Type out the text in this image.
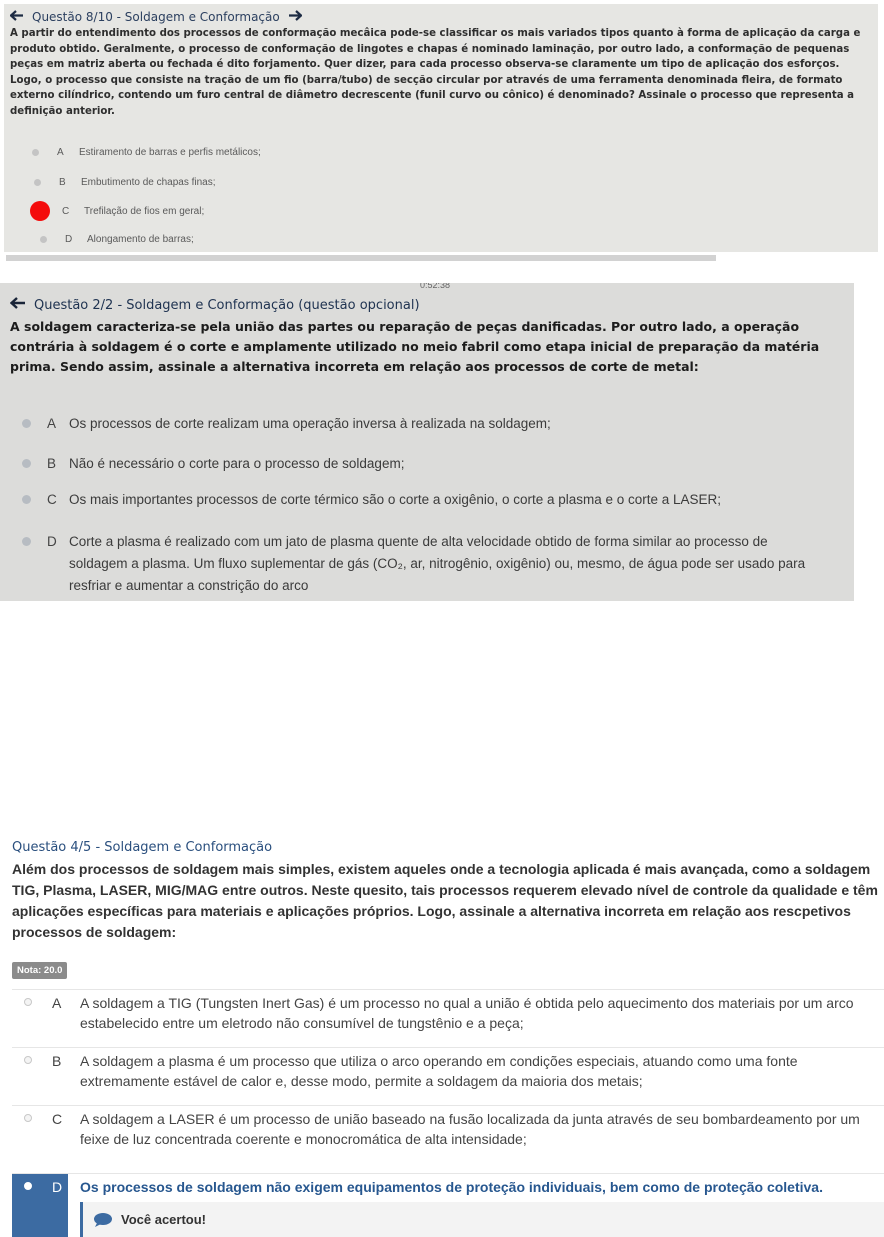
Questão 8/10 - Soldagem e Conformação
A partir do entendimento dos processos de conformação mecâica pode-se classificar os mais variados tipos quanto à forma de aplicação da carga e produto obtido. Geralmente, o processo de conformação de lingotes e chapas é nominado laminação, por outro lado, a conformação de pequenas peças em matriz aberta ou fechada é dito forjamento. Quer dizer, para cada processo observa-se claramente um tipo de aplicação dos esforços. Logo, o processo que consiste na tração de um fio (barra/tubo) de secção circular por através de uma ferramenta denominada fleira, de formato externo cilíndrico, contendo um furo central de diâmetro decrescente (funil curvo ou cônico) é denominado? Assinale o processo que representa a definição anterior.
A	Estiramento de barras e perfis metálicos;
B	Embutimento de chapas finas;
C	Trefilação de fios em geral;
D	Alongamento de barras;
0:52:38
Questão 2/2 - Soldagem e Conformação (questão opcional)
A soldagem caracteriza-se pela união das partes ou reparação de peças danificadas. Por outro lado, a operação contrária à soldagem é o corte e amplamente utilizado no meio fabril como etapa inicial de preparação da matéria prima. Sendo assim, assinale a alternativa incorreta em relação aos processos de corte de metal:
A Os processos de corte realizam uma operação inversa à realizada na soldagem;
B Não é necessário o corte para o processo de soldagem;
C Os mais importantes processos de corte térmico são o corte a oxigênio, o corte a plasma e o corte a LASER;
D Corte a plasma é realizado com um jato de plasma quente de alta velocidade obtido de forma similar ao processo de soldagem a plasma. Um fluxo suplementar de gás (CO₂, ar, nitrogênio, oxigênio) ou, mesmo, de água pode ser usado para resfriar e aumentar a constrição do arco
Questão 4/5 - Soldagem e Conformação
Além dos processos de soldagem mais simples, existem aqueles onde a tecnologia aplicada é mais avançada, como a soldagem TIG, Plasma, LASER, MIG/MAG entre outros. Neste quesito, tais processos requerem elevado nível de controle da qualidade e têm aplicações específicas para materiais e aplicações próprios. Logo, assinale a alternativa incorreta em relação aos rescpetivos processos de soldagem:
Nota: 20.0
A	A soldagem a TIG (Tungsten Inert Gas) é um processo no qual a união é obtida pelo aquecimento dos materiais por um arco estabelecido entre um eletrodo não consumível de tungstênio e a peça;
B	A soldagem a plasma é um processo que utiliza o arco operando em condições especiais, atuando como uma fonte extremamente estável de calor e, desse modo, permite a soldagem da maioria dos metais;
C	A soldagem a LASER é um processo de união baseado na fusão localizada da junta através de seu bombardeamento por um feixe de luz concentrada coerente e monocromática de alta intensidade;
D	Os processos de soldagem não exigem equipamentos de proteção individuais, bem como de proteção coletiva.
Você acertou!
